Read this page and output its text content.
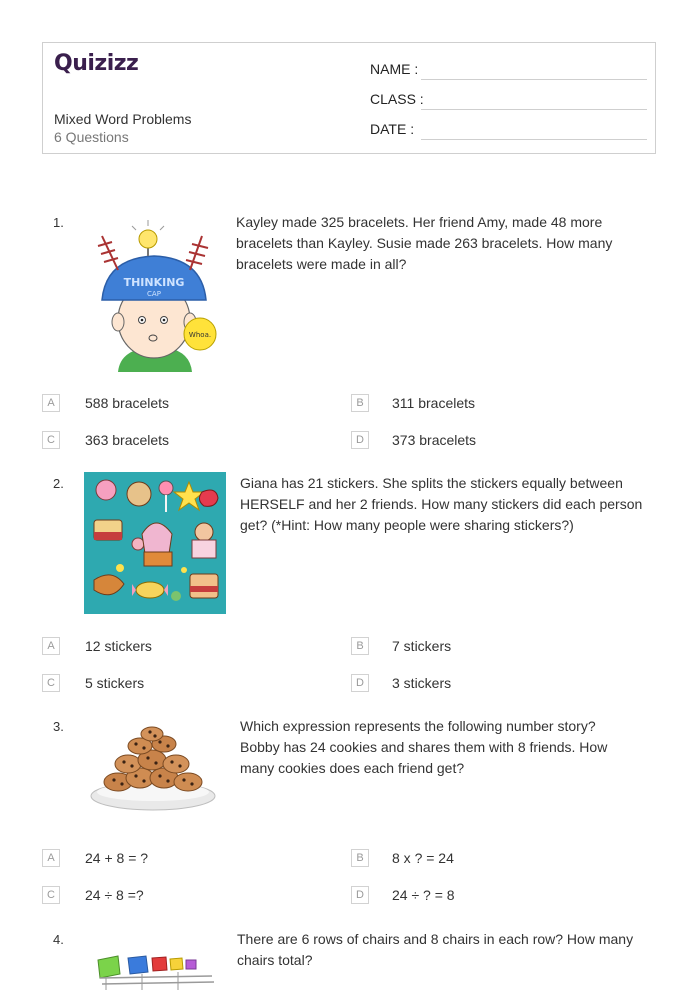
Quizizz
Mixed Word Problems
6 Questions
NAME :
CLASS :
DATE :
1.
THINKING
CAP
Whoa.
Kayley made 325 bracelets. Her friend Amy, made 48 more
bracelets than Kayley. Susie made 263 bracelets. How many
bracelets were made in all?
A	588 bracelets	B	311 bracelets
C	363 bracelets	D	373 bracelets
2.	Giana has 21 stickers. She splits the stickers equally between
HERSELF and her 2 friends. How many stickers did each person
get? (*Hint: How many people were sharing stickers?)
A	12 stickers	B	7 stickers
C	5 stickers	D	3 stickers
3.	Which expression represents the following number story?
Bobby has 24 cookies and shares them with 8 friends. How
many cookies does each friend get?
A	24 + 8 = ?	B	8 x ? = 24
C	24 ÷ 8 =?	D	24 ÷ ? = 8
4.	There are 6 rows of chairs and 8 chairs in each row? How many
chairs total?
